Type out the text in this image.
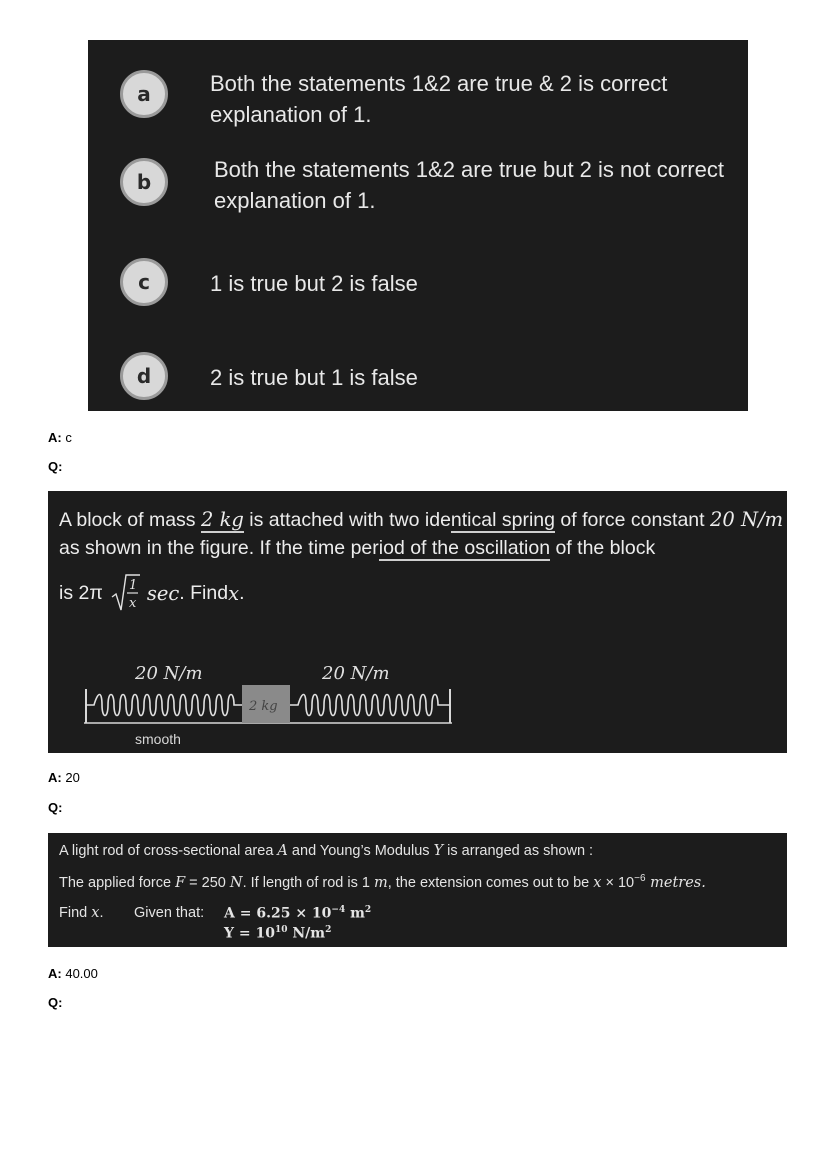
a	Both the statements 1&2 are true & 2 is correct explanation of 1.
b	Both the statements 1&2 are true but 2 is not correct explanation of 1.
c	1 is true but 2 is false
d	2 is true but 1 is false
A: c
Q:
A block of mass 2 kg is attached with two identical spring of force constant 20 N/m as shown in the figure. If the time period of the oscillation of the block
is 2π 1
x sec . Find x .
20 N/m	20 N/m
2 kg
smooth
A: 20
Q:
A light rod of cross-sectional area A and Young’s Modulus Y is arranged as shown :
The applied force F = 250 N. If length of rod is 1 m, the extension comes out to be $x \times 10^{-6}$ metres.
Find x. Given that: $A = 6.25 \times 10^{-4}$ $m^2$
$Y = 10^{10}$ $N/m^2$
A: 40.00
Q:
